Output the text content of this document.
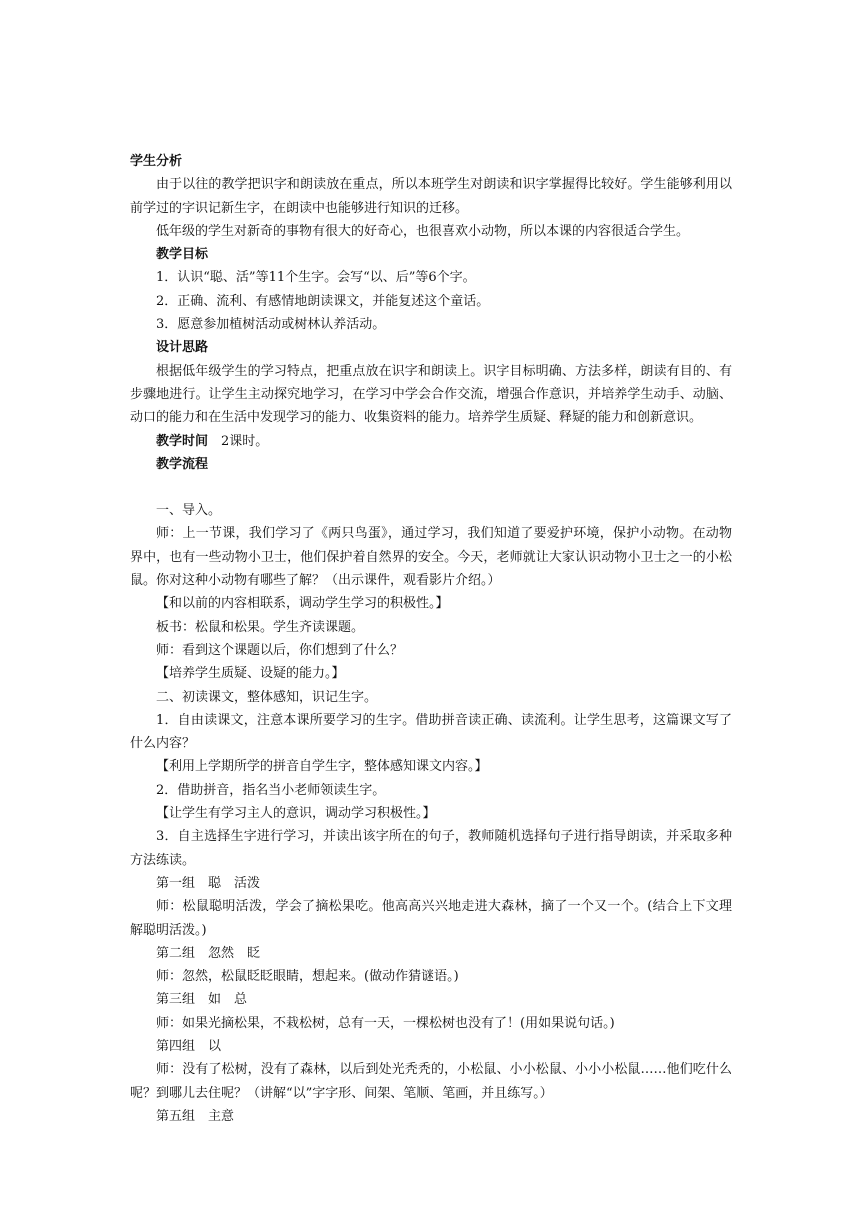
学生分析

由于以往的教学把识字和朗读放在重点，所以本班学生对朗读和识字掌握得比较好。学生能够利用以前学过的字识记新生字，在朗读中也能够进行知识的迁移。

低年级的学生对新奇的事物有很大的好奇心，也很喜欢小动物，所以本课的内容很适合学生。

教学目标

1．认识“聪、活”等11个生字。会写“以、后”等6个字。

2．正确、流利、有感情地朗读课文，并能复述这个童话。

3．愿意参加植树活动或树林认养活动。

设计思路

根据低年级学生的学习特点，把重点放在识字和朗读上。识字目标明确、方法多样，朗读有目的、有步骤地进行。让学生主动探究地学习，在学习中学会合作交流，增强合作意识，并培养学生动手、动脑、动口的能力和在生活中发现学习的能力、收集资料的能力。培养学生质疑、释疑的能力和创新意识。

教学时间　2课时。

教学流程

一、导入。

师：上一节课，我们学习了《两只鸟蛋》，通过学习，我们知道了要爱护环境，保护小动物。在动物界中，也有一些动物小卫士，他们保护着自然界的安全。今天，老师就让大家认识动物小卫士之一的小松鼠。你对这种小动物有哪些了解？（出示课件，观看影片介绍。）

【和以前的内容相联系，调动学生学习的积极性。】

板书：松鼠和松果。学生齐读课题。

师：看到这个课题以后，你们想到了什么？

【培养学生质疑、设疑的能力。】

二、初读课文，整体感知，识记生字。

1．自由读课文，注意本课所要学习的生字。借助拼音读正确、读流利。让学生思考，这篇课文写了什么内容？

【利用上学期所学的拼音自学生字，整体感知课文内容。】

2．借助拼音，指名当小老师领读生字。

【让学生有学习主人的意识，调动学习积极性。】

3．自主选择生字进行学习，并读出该字所在的句子，教师随机选择句子进行指导朗读，并采取多种方法练读。

第一组　聪　活泼

师：松鼠聪明活泼，学会了摘松果吃。他高高兴兴地走进大森林，摘了一个又一个。(结合上下文理解聪明活泼。)

第二组　忽然　眨

师：忽然，松鼠眨眨眼睛，想起来。(做动作猜谜语。)

第三组　如　总

师：如果光摘松果，不栽松树，总有一天，一棵松树也没有了！(用如果说句话。)

第四组　以

师：没有了松树，没有了森林，以后到处光秃秃的，小松鼠、小小松鼠、小小小松鼠……他们吃什么呢？到哪儿去住呢？（讲解“以”字字形、间架、笔顺、笔画，并且练写。）

第五组　主意
